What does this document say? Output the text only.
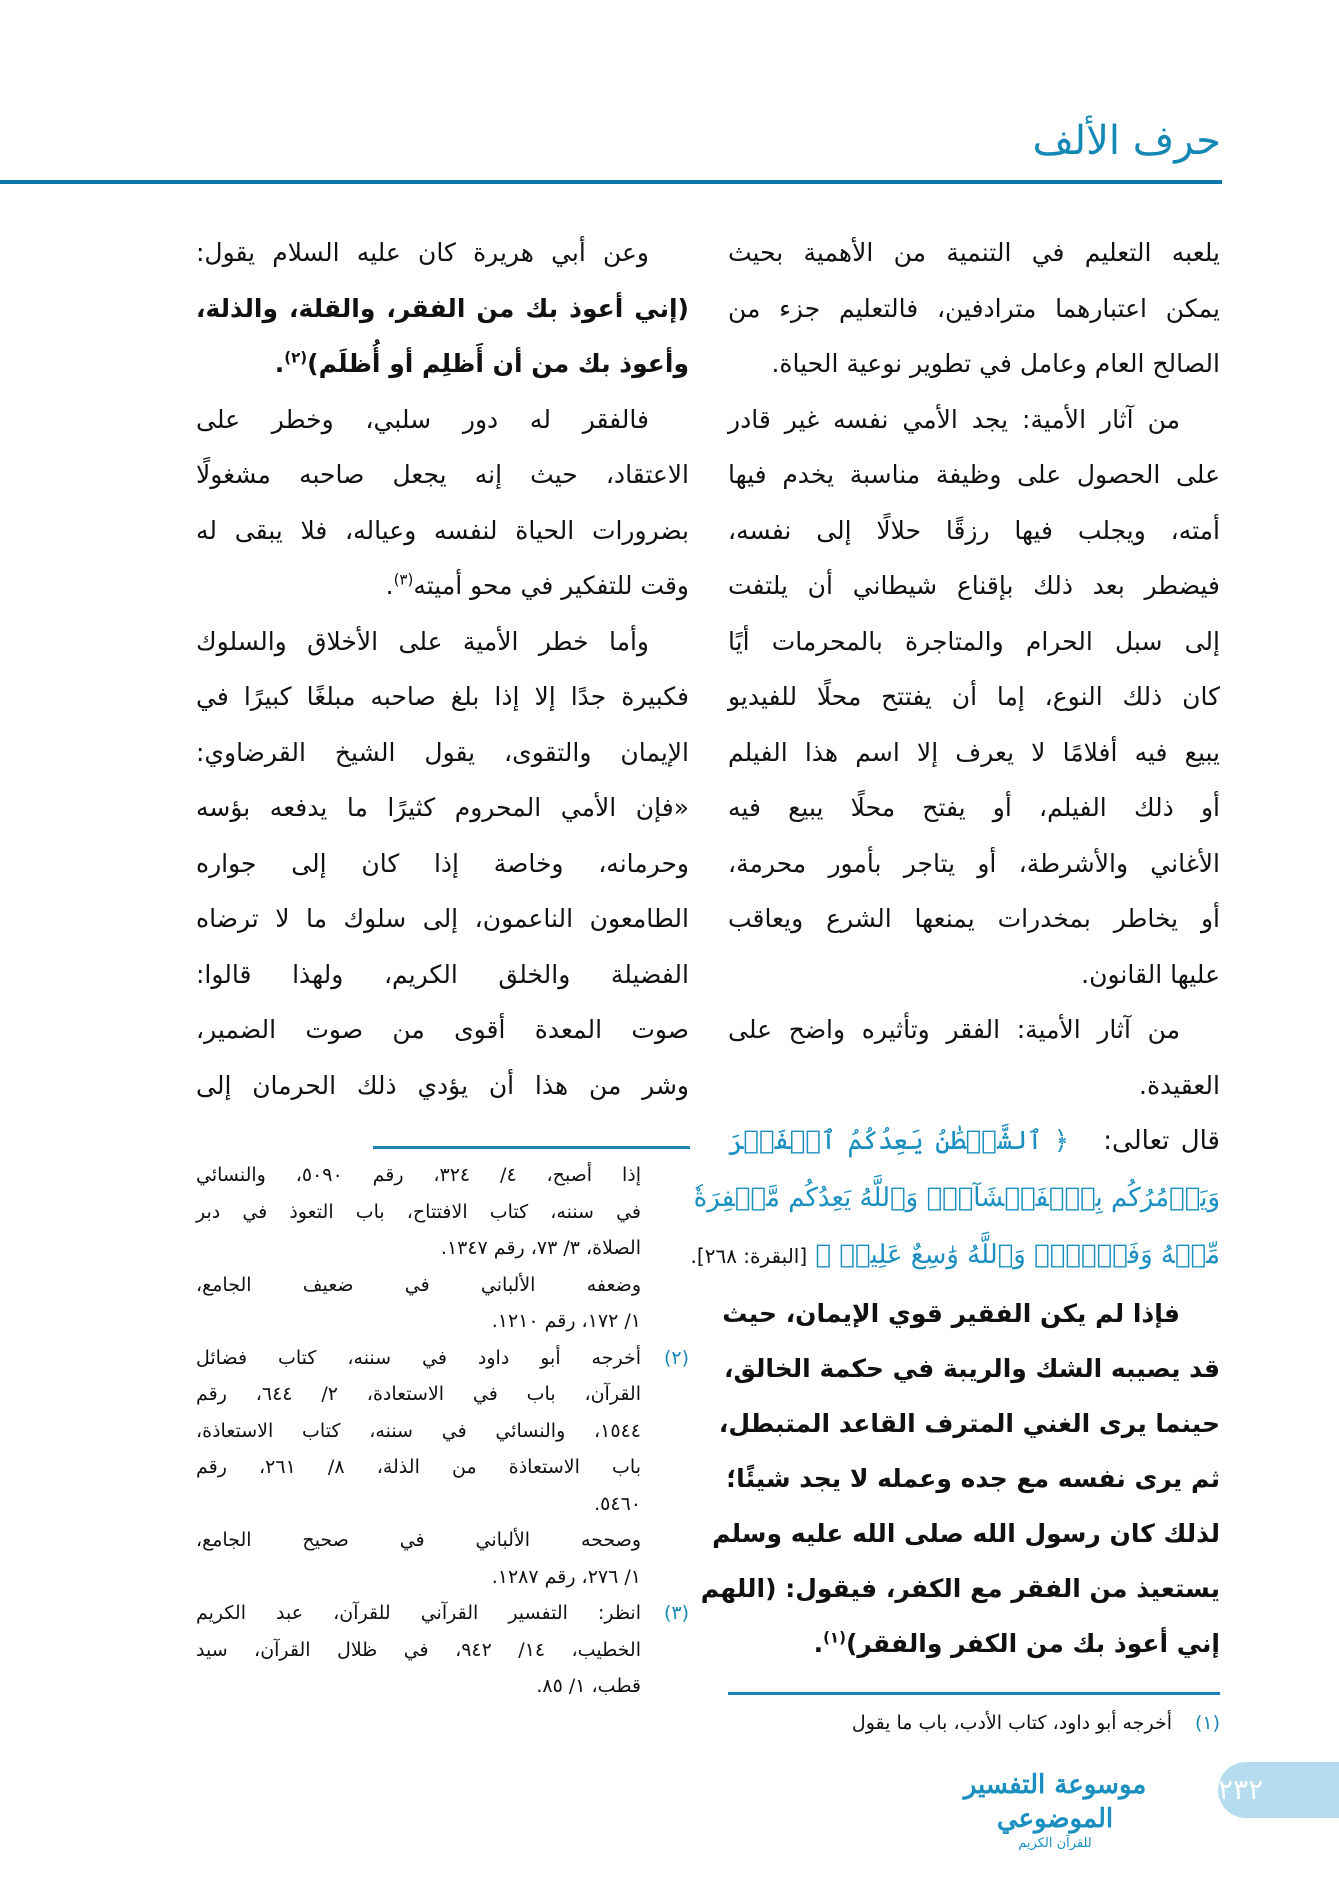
حرف الألف
يلعبه التعليم في التنمية من الأهمية بحيث
يمكن اعتبارهما مترادفين، فالتعليم جزء من
الصالح العام وعامل في تطوير نوعية الحياة.
من آثار الأمية: يجد الأمي نفسه غير قادر
على الحصول على وظيفة مناسبة يخدم فيها
أمته، ويجلب فيها رزقًا حلالًا إلى نفسه،
فيضطر بعد ذلك بإقناع شيطاني أن يلتفت
إلى سبل الحرام والمتاجرة بالمحرمات أيًا
كان ذلك النوع، إما أن يفتتح محلًا للفيديو
يبيع فيه أفلامًا لا يعرف إلا اسم هذا الفيلم
أو ذلك الفيلم، أو يفتح محلًا يبيع فيه
الأغاني والأشرطة، أو يتاجر بأمور محرمة،
أو يخاطر بمخدرات يمنعها الشرع ويعاقب
عليها القانون.
من آثار الأمية: الفقر وتأثيره واضح على
العقيدة.
قال تعالى:   ﴿ ٱلشَّيۡطَٰنُ يَعِدُكُمُ ٱلۡفَقۡرَ
وَيَأۡمُرُكُم بِٱلۡفَحۡشَآءِۖ وَٱللَّهُ يَعِدُكُم مَّغۡفِرَةٗ
مِّنۡهُ وَفَضۡلٗاۗ وَٱللَّهُ وَٰسِعٌ عَلِيمٞ ﴾ [البقرة: ٢٦٨].
فإذا لم يكن الفقير قوي الإيمان، حيث
قد يصيبه الشك والريبة في حكمة الخالق،
حينما يرى الغني المترف القاعد المتبطل،
ثم يرى نفسه مع جده وعمله لا يجد شيئًا؛
لذلك كان رسول الله صلى الله عليه وسلم
يستعيذ من الفقر مع الكفر، فيقول: (اللهم
إني أعوذ بك من الكفر والفقر)$^{(١)}$.
(١)
أخرجه أبو داود، كتاب الأدب، باب ما يقول
وعن أبي هريرة كان عليه السلام يقول:
(إني أعوذ بك من الفقر، والقلة، والذلة،
وأعوذ بك من أن أَظلِم أو أُظلَم)$^{(٢)}$.
فالفقر له دور سلبي، وخطر على
الاعتقاد، حيث إنه يجعل صاحبه مشغولًا
بضرورات الحياة لنفسه وعياله، فلا يبقى له
وقت للتفكير في محو أميته$^{(٣)}$.
وأما خطر الأمية على الأخلاق والسلوك
فكبيرة جدًا إلا إذا بلغ صاحبه مبلغًا كبيرًا في
الإيمان والتقوى، يقول الشيخ القرضاوي:
«فإن الأمي المحروم كثيرًا ما يدفعه بؤسه
وحرمانه، وخاصة إذا كان إلى جواره
الطامعون الناعمون، إلى سلوك ما لا ترضاه
الفضيلة والخلق الكريم، ولهذا قالوا:
صوت المعدة أقوى من صوت الضمير،
وشر من هذا أن يؤدي ذلك الحرمان إلى
إذا أصبح، ٤/ ٣٢٤، رقم ٥٠٩٠، والنسائي
في سننه، كتاب الافتتاح، باب التعوذ في دبر
الصلاة، ٣/ ٧٣، رقم ١٣٤٧.
وضعفه الألباني في ضعيف الجامع،
١/ ١٧٢، رقم ١٢١٠.
(٢)
أخرجه أبو داود في سننه، كتاب فضائل
القرآن، باب في الاستعادة، ٢/ ٦٤٤، رقم
١٥٤٤، والنسائي في سننه، كتاب الاستعاذة،
باب الاستعاذة من الذلة، ٨/ ٢٦١، رقم
٥٤٦٠.
وصححه الألباني في صحيح الجامع،
١/ ٢٧٦، رقم ١٢٨٧.
(٣)
انظر: التفسير القرآني للقرآن، عبد الكريم
الخطيب، ١٤/ ٩٤٢، في ظلال القرآن، سيد
قطب، ١/ ٨٥.
موسوعة التفسير الموضوعي
للقرآن الكريم
٢٣٢
